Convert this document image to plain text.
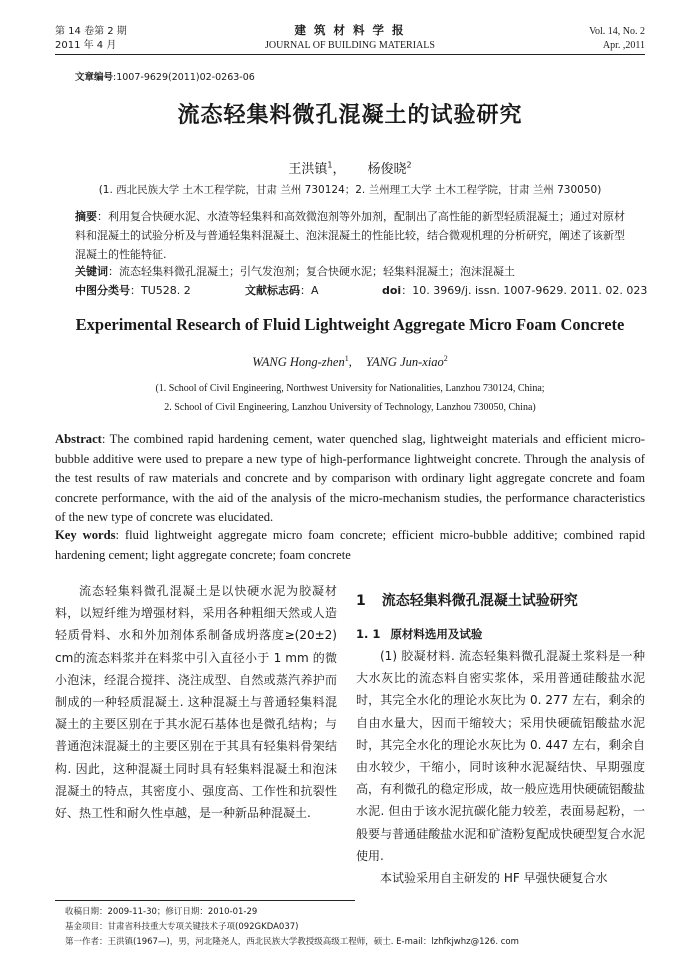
第 14 卷第 2 期
2011 年 4 月
建 筑 材 料 学 报
JOURNAL OF BUILDING MATERIALS
Vol. 14, No. 2
Apr. ,2011
文章编号:1007-9629(2011)02-0263-06
流态轻集料微孔混凝土的试验研究
王洪镇$^1$， 杨俊晓$^2$
(1. 西北民族大学 土木工程学院，甘肃 兰州 730124；2. 兰州理工大学 土木工程学院，甘肃 兰州 730050)

摘要：利用复合快硬水泥、水渣等轻集料和高效微泡剂等外加剂，配制出了高性能的新型轻质混凝土；通过对原材料和混凝土的试验分析及与普通轻集料混凝土、泡沫混凝土的性能比较，结合微观机理的分析研究，阐述了该新型混凝土的性能特征.

关键词：流态轻集料微孔混凝土；引气发泡剂；复合快硬水泥；轻集料混凝土；泡沫混凝土

中图分类号：TU528. 2	文献标志码：A	doi：10. 3969/j. issn. 1007-9629. 2011. 02. 023
Experimental Research of Fluid Lightweight Aggregate Micro Foam Concrete
WANG Hong-zhen$^1$, YANG Jun-xiao$^2$
(1. School of Civil Engineering, Northwest University for Nationalities, Lanzhou 730124, China;
2. School of Civil Engineering, Lanzhou University of Technology, Lanzhou 730050, China)

Abstract: The combined rapid hardening cement, water quenched slag, lightweight materials and efficient micro-bubble additive were used to prepare a new type of high-performance lightweight concrete. Through the analysis of the test results of raw materials and concrete and by comparison with ordinary light aggregate concrete and foam concrete performance, with the aid of the analysis of the micro-mechanism studies, the performance characteristics of the new type of concrete was elucidated.

Key words: fluid lightweight aggregate micro foam concrete; efficient micro-bubble additive; combined rapid hardening cement; light aggregate concrete; foam concrete

流态轻集料微孔混凝土是以快硬水泥为胶凝材料，以短纤维为增强材料，采用各种粗细天然或人造轻质骨料、水和外加剂体系制备成坍落度≥(20±2) cm的流态料浆并在料浆中引入直径小于 1 mm 的微小泡沫，经混合搅拌、浇注成型、自然或蒸汽养护而制成的一种轻质混凝土. 这种混凝土与普通轻集料混凝土的主要区别在于其水泥石基体也是微孔结构；与普通泡沫混凝土的主要区别在于其具有轻集料骨架结构. 因此，这种混凝土同时具有轻集料混凝土和泡沫混凝土的特点，其密度小、强度高、工作性和抗裂性好、热工性和耐久性卓越，是一种新品种混凝土.

1 流态轻集料微孔混凝土试验研究
1. 1 原材料选用及试验

(1) 胶凝材料. 流态轻集料微孔混凝土浆料是一种大水灰比的流态料自密实浆体，采用普通硅酸盐水泥时，其完全水化的理论水灰比为 0. 277 左右，剩余的自由水量大，因而干缩较大；采用快硬硫铝酸盐水泥时，其完全水化的理论水灰比为 0. 447 左右，剩余自由水较少，干缩小，同时该种水泥凝结快、早期强度高，有利微孔的稳定形成，故一般应选用快硬硫铝酸盐水泥. 但由于该水泥抗碳化能力较差，表面易起粉，一般要与普通硅酸盐水泥和矿渣粉复配成快硬型复合水泥使用.

本试验采用自主研发的 HF 早强快硬复合水

收稿日期：2009-11-30；修订日期：2010-01-29
基金项目：甘肃省科技重大专项关键技术子项(092GKDA037)
第一作者：王洪镇(1967—)，男，河北隆尧人，西北民族大学教授级高级工程师，硕士. E-mail：lzhfkjwhz@126. com
